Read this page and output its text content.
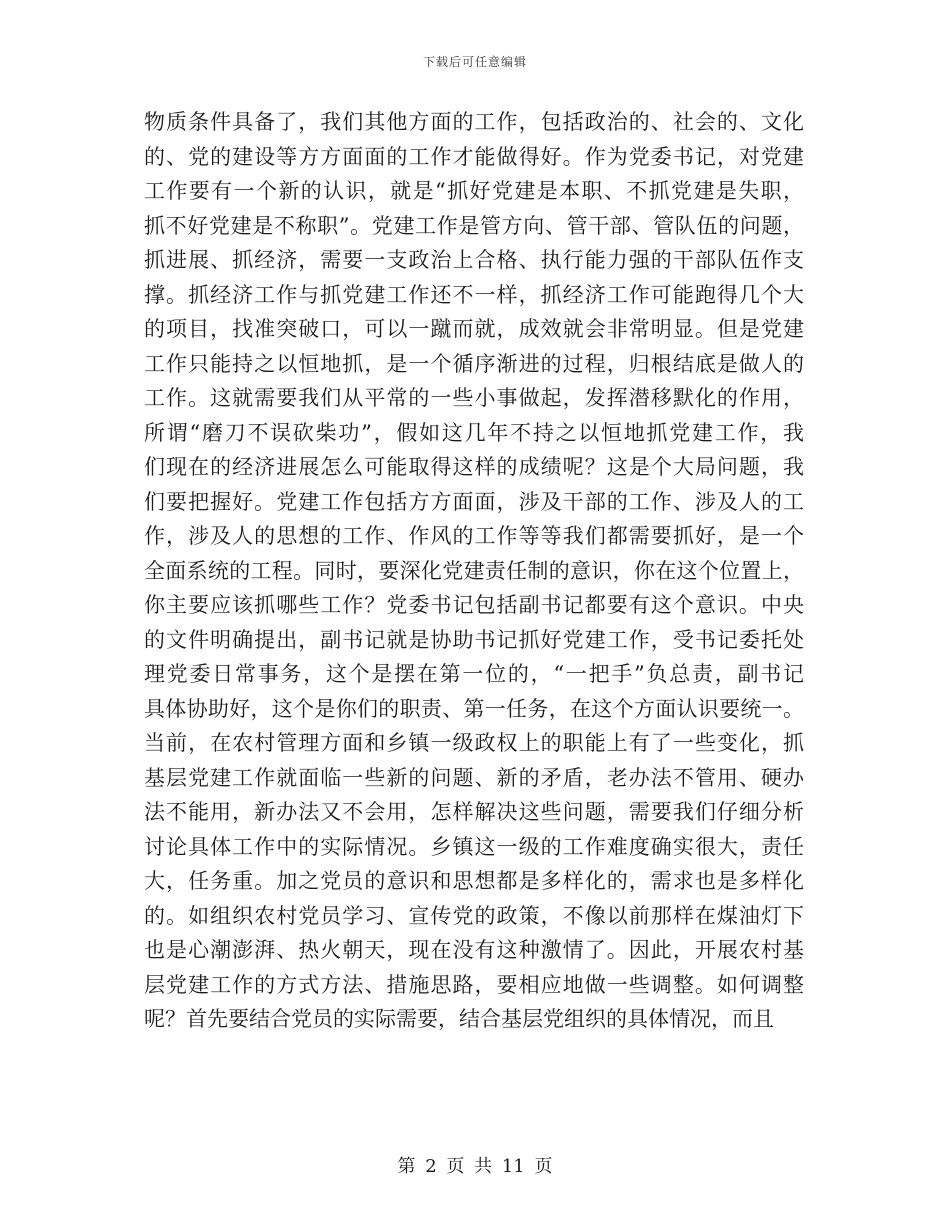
下载后可任意编辑
物质条件具备了，我们其他方面的工作，包括政治的、社会的、文化
的、党的建设等方方面面的工作才能做得好。作为党委书记，对党建
工作要有一个新的认识，就是“抓好党建是本职、不抓党建是失职，
抓不好党建是不称职”。党建工作是管方向、管干部、管队伍的问题，
抓进展、抓经济，需要一支政治上合格、执行能力强的干部队伍作支
撑。抓经济工作与抓党建工作还不一样，抓经济工作可能跑得几个大
的项目，找准突破口，可以一蹴而就，成效就会非常明显。但是党建
工作只能持之以恒地抓，是一个循序渐进的过程，归根结底是做人的
工作。这就需要我们从平常的一些小事做起，发挥潜移默化的作用，
所谓“磨刀不误砍柴功”，假如这几年不持之以恒地抓党建工作，我
们现在的经济进展怎么可能取得这样的成绩呢？这是个大局问题，我
们要把握好。党建工作包括方方面面，涉及干部的工作、涉及人的工
作，涉及人的思想的工作、作风的工作等等我们都需要抓好，是一个
全面系统的工程。同时，要深化党建责任制的意识，你在这个位置上，
你主要应该抓哪些工作？党委书记包括副书记都要有这个意识。中央
的文件明确提出，副书记就是协助书记抓好党建工作，受书记委托处
理党委日常事务，这个是摆在第一位的，“一把手”负总责，副书记
具体协助好，这个是你们的职责、第一任务，在这个方面认识要统一。
当前，在农村管理方面和乡镇一级政权上的职能上有了一些变化，抓
基层党建工作就面临一些新的问题、新的矛盾，老办法不管用、硬办
法不能用，新办法又不会用，怎样解决这些问题，需要我们仔细分析
讨论具体工作中的实际情况。乡镇这一级的工作难度确实很大，责任
大，任务重。加之党员的意识和思想都是多样化的，需求也是多样化
的。如组织农村党员学习、宣传党的政策，不像以前那样在煤油灯下
也是心潮澎湃、热火朝天，现在没有这种激情了。因此，开展农村基
层党建工作的方式方法、措施思路，要相应地做一些调整。如何调整
呢？首先要结合党员的实际需要，结合基层党组织的具体情况，而且
第 2 页 共 11 页
